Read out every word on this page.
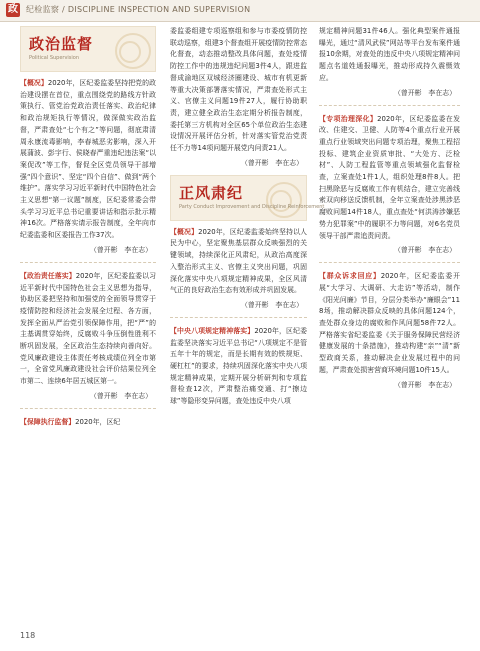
政 纪检监察 / DISCIPLINE INSPECTION AND SUPERVISION
政治监督
Political Supervision

【概况】2020年，区纪委监委坚持把党的政治建设摆在首位，重点围绕党的路线方针政策执行、管党治党政治责任落实、政治纪律和政治规矩执行等情况，做深做实政治监督，严肃查处“七个有之”等问题，彻底肃清周永康流毒影响，李春城恶劣影响，深入开展蒲波、彭宇行、侯晓春严重违纪违法案“以案促改”等工作，督促全区党员领导干部增强“四个意识”、坚定“四个自信”、做到“两个维护”。落实学习习近平新时代中国特色社会主义思想“第一议题”制度，区纪委常委会带头学习习近平总书记重要讲话和指示批示精神16次。严格落实请示报告制度，全年向市纪委监委和区委报告工作37次。

（曾开彬　李在志）

【政治责任落实】2020年，区纪委监委以习近平新时代中国特色社会主义思想为指导，协助区委把坚持和加强党的全面领导贯穿于疫情防控和经济社会发展全过程、各方面，发挥全面从严治党引领保障作用，把“严”的主基调贯穿始终，反腐败斗争压倒性胜利不断巩固发展，全区政治生态持续向善向好。党风廉政建设主体责任考核成绩位列全市第一，全省党风廉政建设社会评价结果位列全市第二、连续6年居五城区第一。

（曾开彬　李在志）

【保障执行监督】2020年，区纪

委监委组建专项巡察组和参与市委疫情防控联动巡察，组建3个督查组开展疫情防控常态化督查，动态推动整改具体问题，查处疫情防控工作中的违规违纪问题3件4人，跟进监督成渝地区双城经济圈建设、城市有机更新等重大决策部署落实情况，严肃查处形式主义、官僚主义问题19件27人，履行协助职责，建立健全政治生态定期分析报告制度，委托第三方机构对全区65个单位政治生态建设情况开展评估分析，针对落实管党治党责任不力等14项问题开展党内问责21人。

（曾开彬　李在志）
正风肃纪
Party Conduct Improvement and Discipline Reinforcement

【概况】2020年，区纪委监委始终坚持以人民为中心，坚定聚焦基层群众反映强烈的关键领域，持续深化正风肃纪，从政治高度深入整治形式主义、官僚主义突出问题，巩固深化落实中央八项规定精神成果，全区风清气正的良好政治生态有效形成并巩固发展。

（曾开彬　李在志）

【中央八项规定精神落实】2020年，区纪委监委坚决落实习近平总书记“八项规定不是管五年十年的规定，而是长期有效的铁规矩、硬杠杠”的要求，持续巩固深化落实中央八项规定精神成果，定期开展分析研判和专项监督检查12次，严肃整治痛变通、打“擦边球”等隐形变异问题，查处违反中央八项

规定精神问题31件46人。强化典型案件通报曝光，通过“清风武侯”网站等平台发布案件通报10余期，对查处的违反中央八项规定精神问题点名道姓通报曝光，推动形成持久震慑效应。

（曾开彬　李在志）

【专项治理深化】2020年，区纪委监委在发改、住建交、卫健、人防等4个重点行业开展重点行业领域突出问题专项治理，聚焦工程招投标、建筑企业资质审批、“大处方、泛检材”、人防工程监管等重点领域强化监督检查，立案查处1件1人，组织处理8件8人。把扫黑除恶与反腐败工作有机结合，建立完善线索双向移送反馈机制，全年立案查处涉黑涉恶腐败问题14件18人，重点查处“何洪涛涉嫌恶势力犯罪案”中的履职不力等问题，对6名党员领导干部严肃追责问责。

（曾开彬　李在志）

【群众诉求回应】2020年，区纪委监委开展“大学习、大调研、大走访”等活动，制作《阳光问廉》节目，分层分类举办“廉眼会”118场，推动解决群众反映的具体问题124个，查处群众身边的腐败和作风问题58件72人。严格落实省纪委监委《关于服务保障民营经济健康发展的十条措施》，推动构建“亲”“清”新型政商关系，推动解决企业发展过程中的问题，严肃查处损害营商环境问题10件15人。

（曾开彬　李在志）
118
